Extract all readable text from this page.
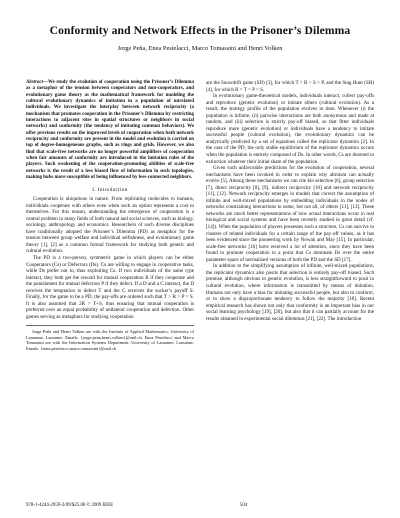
Conformity and Network Effects in the Prisoner’s Dilemma
Jorge Peña, Enea Pestelacci, Marco Tomassini and Henri Volken
Abstract—We study the evolution of cooperation using the Prisoner’s Dilemma as a metaphor of the tension between cooperators and non-cooperators, and evolutionary game theory as the mathematical framework for modeling the cultural evolutionary dynamics of imitation in a population of unrelated individuals. We investigate the interplay between network reciprocity (a mechanism that promotes cooperation in the Prisoner’s Dilemma by restricting interactions to adjacent sites in spatial structures or neighbors in social networks) and conformity (the tendency of imitating common behaviors). We offer previous results on the improved levels of cooperation when both network reciprocity and conformity are present in the model and evolution is carried on top of degree-homogeneous graphs, such as rings and grids. However, we also find that scale-free networks are no longer powerful amplifiers of cooperation when fair amounts of conformity are introduced in the imitation rules of the players. Such weakening of the cooperation-promoting abilities of scale-free networks is the result of a less biased flow of information in such topologies, making hubs more susceptible of being influenced by less-connected neighbors.
I. Introduction

Cooperation is ubiquitous in nature. From replicating molecules to humans, individuals cooperate with others even when such an option represents a cost to themselves. For this reason, understanding the emergence of cooperation is a central problem in many fields of both natural and social sciences, such as biology, sociology, anthropology and economics. Researchers of such diverse disciplines have traditionally adopted the Prisoner’s Dilemma (PD) as metaphor for the tension between group welfare and individual selfishness, and evolutionary game theory [1], [2] as a common formal framework for studying both genetic and cultural evolution.

The PD is a two-person, symmetric game in which players can be either Cooperators (Cs) or Defectors (Ds). Cs are willing to engage in cooperative tasks, while Ds prefer not to, thus exploiting Cs. If two individuals of the same type interact, they both get the reward for mutual cooperation R if they cooperate and the punishment for mutual defection P if they defect. If a D and a C interact, the D receives the temptation to defect T and the C receives the sucker’s payoff S. Finally, for the game to be a PD, the pay-offs are ordered such that T > R > P > S. It is also assumed that 2R > T+S, thus ensuring that mutual cooperation is preferred over an equal probability of unilateral cooperation and defection. Other games serving as metaphors for studying cooperation

Jorge Peña and Henri Volken are with the Institute of Applied Mathematics, University of Lausanne, Lausanne. Emails: {jorge.pena,henri.volken}@unil.ch. Enea Pestelacci and Marco Tomassini are with the Information Systems Department, University of Lausanne, Lausanne. Emails: {enea.pestelacci,marco.tomassini}@unil.ch

are the Snowdrift game (SD) [3], for which T > R > S > P, and the Stag Hunt (SH) [4], for which R > T > P > S.

In evolutionary game-theoretical models, individuals interact, collect pay-offs and reproduce (genetic evolution) or imitate others (cultural evolution). As a result, the strategy profile of the population evolves in time. Whenever (i) the population is infinite, (ii) pairwise interactions are both anonymous and made at random, and (iii) selection is strictly pay-off biased, so that fitter individuals reproduce more (genetic evolution) or individuals have a tendency to imitate successful people (cultural evolution), the evolutionary dynamics can be analytically predicted by a set of equations called the replicator dynamics [2]. In the case of the PD, the only stable equilibrium of the replicator dynamics occurs when the population is entirely composed of Ds. In other words, Cs are doomed to extinction whatever their initial share of the population.

Given such unfavorable predictions for the evolution of cooperation, several mechanisms have been invoked in order to explain why altruism can actually evolve [5]. Among these mechanisms we can cite kin selection [6], group selection [7], direct reciprocity [8], [9], indirect reciprocity [10] and network reciprocity [11], [12]. Network reciprocity emerges in models that correct the assumption of infinite and well-mixed populations by embedding individuals in the nodes of networks constraining interactions to some, but not all, of others [11], [13]. These networks are much better representations of how actual interactions occur in real biological and social systems and have been recently studied in great detail (cf. [14]). When the population of players possesses such a structure, Cs can survive in clusters of related individuals for a certain range of the pay-off values, as it has been evidenced since the pioneering work by Nowak and May [15]. In particular, scale-free networks [16] have received a lot of attention, since they have been found to promote cooperation to a point that Cs dominate Ds over the entire parameter space of normalized versions of both the PD and the SD [17].

In addition to the simplifying assumption of infinite, well-mixed populations, the replicator dynamics also posits that selection is entirely pay-off biased. Such premise, although obvious in genetic evolution, is less straightforward to posit in cultural evolution, where information is transmitted by means of imitation. Humans not only have a bias for imitating successful people, but also to conform, or to show a disproportionate tendency to follow the majority [18]. Recent empirical research has shown not only that conformity is an important bias in our social learning psychology [19], [20], but also that it can partially account for the results obtained in experimental social dilemmas [21], [22]. The introduction

978-1-4244-2959-2/09/$25.00 © 2009 IEEE	504
